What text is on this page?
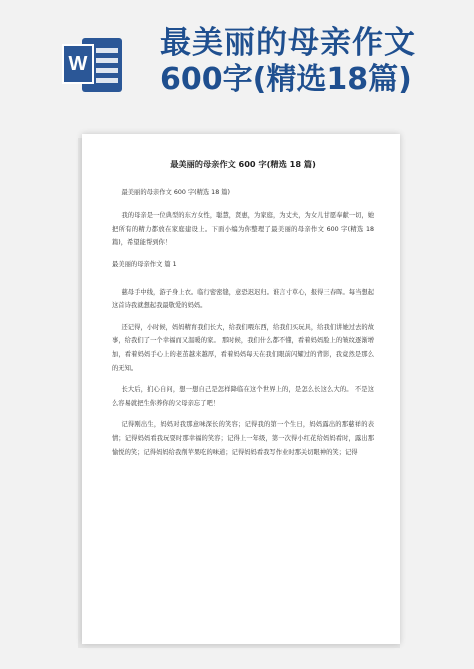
W
最美丽的母亲作文
600字(精选18篇)
最美丽的母亲作文 600 字(精选 18 篇)

最美丽的母亲作文 600 字(精选 18 篇)

我的母亲是一位典型的东方女性，聪慧，贤惠，为家庭，为丈夫，为女儿甘愿奉献一切，她把所有的精力都放在家庭建设上。下面小编为你整理了最美丽的母亲作文 600 字(精选 18 篇)，希望能帮到你！

最美丽的母亲作文 篇 1

慈母手中线，游子身上衣。临行密密缝，意恐迟迟归。谁言寸草心，报得三春晖。每当想起这首诗我就想起我最敬爱的妈妈。

还记得，小时候，妈妈精育我们长大，给我们喂东西，给我们买玩具，给我们讲她过去的故事，给我们了一个幸福而又温暖的家。 那时候，我们什么都不懂，看着妈妈脸上的皱纹逐渐增加，看着妈妈手心上的老茧越来越厚，看着妈妈每天在我们眼前闪耀过的背影，我竟然是那么的无知。

长大后，扪心自问，想一想自己是怎样降临在这个世界上的，是怎么长这么大的。 不是这么容易就把生你养你的父母亲忘了吧！

记得刚出生，妈妈对我那意味深长的笑容；记得我的第一个生日，妈妈露出的那慈祥的表情；记得妈妈看我玩耍时那幸福的笑容；记得上一年级，第一次得小红花给妈妈看时，露出那愉悦的笑；记得妈妈给我削苹果吃的味道；记得妈妈看我写作业时那关切眼神的笑；记得
